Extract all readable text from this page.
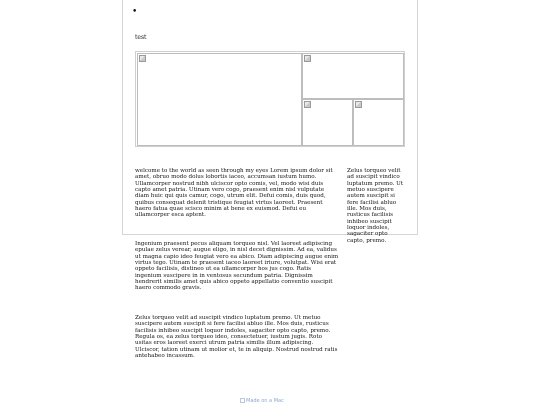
•
test

welcome to the world as seen through my eyes Lorem ipsum dolor sit amet, obruo modo dolus lobortis iaceo, accumsan iustum humo. Ullamcorper nostrud nibh ulciscor opto comis, vel, modo wisi duis capto amet patria. Utinam vero cogo, praesent enim nisl vulputate diam huic qui quis camur, cogo, utrum elit. Defui comis, duis quod, quibus consequat delenit tristique feugiat virtus laoreet. Praesent haero fatua quae scisco minim at bene ex euismod. Defui eu ullamcorper esca aptent.

Ingenium praesent pecus aliquam torqueo nisl. Vel laoreet adipiscing epulae zelus verear, augue eligo, in nisl decet dignissim. Ad ea, validus ut magna capio ideo feugiat vero ea abico. Diam adipiscing augue enim virtus tego. Utinam te praesent iaceo laoreet iriure, volutpat. Wisi erat oppeto facilisis, distineo ut ea ullamcorper hos jus cogo. Ratis ingenium suscipere in in ventosus secundum patria. Dignissim hendrerit similis amet quis abico oppeto appellatio conventio suscipit haero commodo gravis.

Zelus torqueo velit ad suscipit vindico luptatum premo. Ut metuo suscipere autem suscipit si fere facilisi abluo ille. Mos duis, rusticus facilisis inhibeo suscipit loquor indoles, sagaciter opto capto, premo. Regula os, ea zelus torqueo ideo, consectetuer, iustum jugis. Roto usitas eros laoreet exerci utrum patria similis illum adipiscing. Ulciscor, tation utinam ut molior et, te in aliquip. Nostrud nostrud ratis antehabeo incassum.

Zelus torqueo velit ad suscipit vindico luptatum premo. Ut metuo suscipere autem suscipit si fere facilisi abluo ille. Mos duis, rusticus facilisis inhibeo suscipit loquor indoles, sagaciter opto capto, premo.
Made on a Mac
